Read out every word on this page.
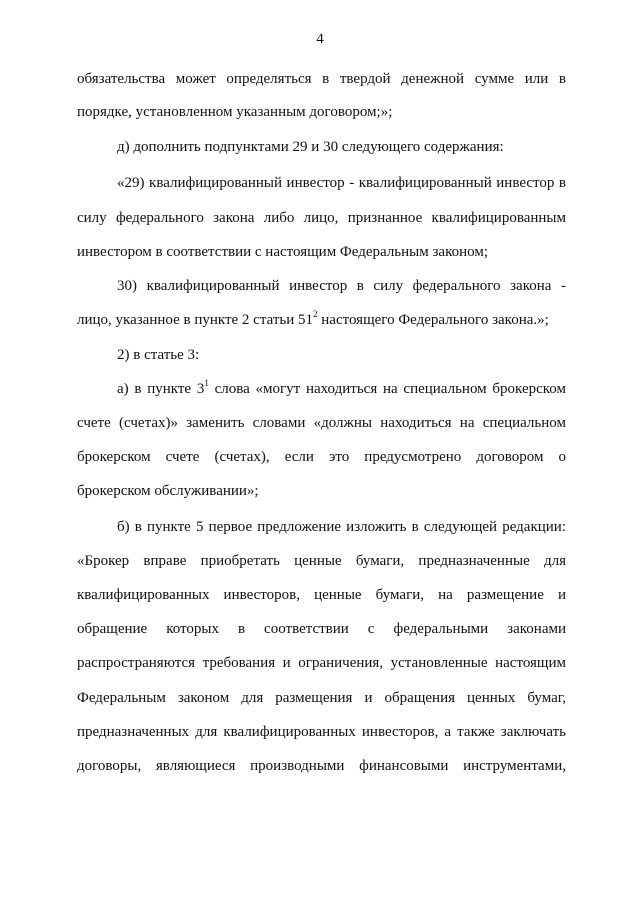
4
обязательства может определяться в твердой денежной сумме или в
порядке, установленном указанным договором;»;
д) дополнить подпунктами 29 и 30 следующего содержания:
«29) квалифицированный инвестор - квалифицированный инвестор в
силу федерального закона либо лицо, признанное квалифицированным
инвестором в соответствии с настоящим Федеральным законом;
30) квалифицированный инвестор в силу федерального закона -
лицо, указанное в пункте 2 статьи $51^2$ настоящего Федерального закона.»;
2) в статье 3:
а) в пункте $3^1$ слова «могут находиться на специальном брокерском
счете (счетах)» заменить словами «должны находиться на специальном
брокерском счете (счетах), если это предусмотрено договором о
брокерском обслуживании»;
б) в пункте 5 первое предложение изложить в следующей редакции:
«Брокер вправе приобретать ценные бумаги, предназначенные для
квалифицированных инвесторов, ценные бумаги, на размещение и
обращение которых в соответствии с федеральными законами
распространяются требования и ограничения, установленные настоящим
Федеральным законом для размещения и обращения ценных бумаг,
предназначенных для квалифицированных инвесторов, а также заключать
договоры, являющиеся производными финансовыми инструментами,
